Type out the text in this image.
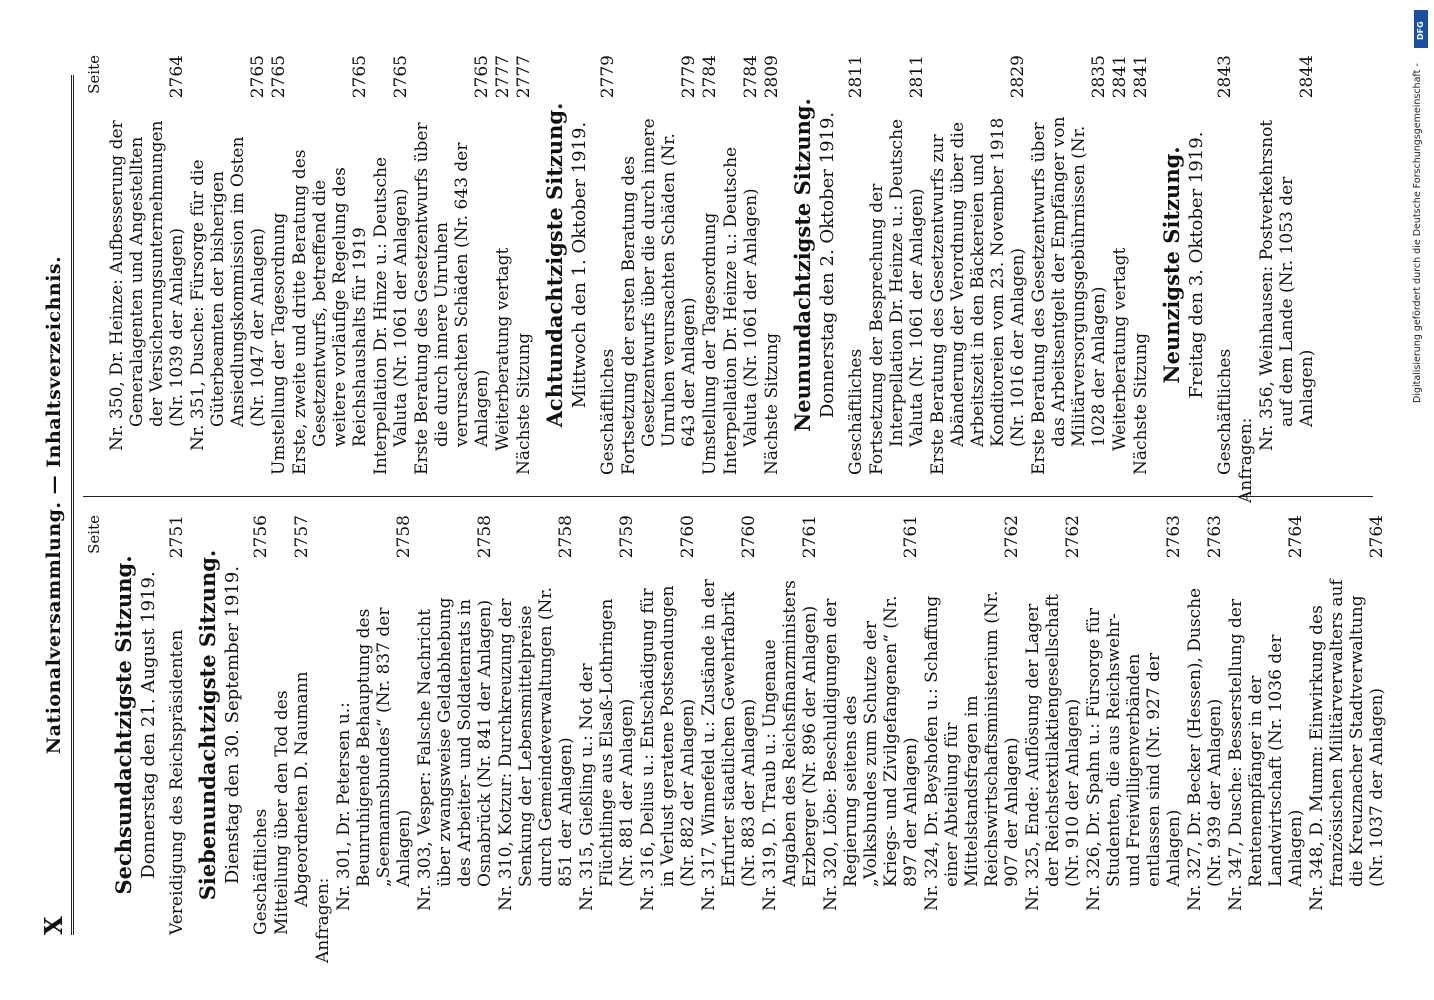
X
Nationalversammlung. — Inhaltsverzeichnis. Seite
Sechsundachtzigste Sitzung. Donnerstag den 21. August 1919. Vereidigung des Reichspräsidenten
2751
Siebenundachtzigste Sitzung. Dienstag den 30. September 1919. Geschäftliches
2756
Mitteilung über den Tod des Abgeordneten D. Naumann
2757
Anfragen:
Nr. 301, Dr. Petersen u.: Beunruhigende Behauptung des „Seemannsbundes“ (Nr. 837 der Anlagen)
2758
Nr. 303, Vesper: Falsche Nachricht über zwangsweise Geldabhebung des Arbeiter- und Soldatenrats in Osnabrück (Nr. 841 der Anlagen)
2758
Nr. 310, Kotzur: Durchkreuzung der Senkung der Lebensmittelpreise durch Gemeindeverwaltungen (Nr. 851 der Anlagen)
2758
Nr. 315, Gießling u.: Not der Flüchtlinge aus Elsaß-Lothringen (Nr. 881 der Anlagen)
2759
Nr. 316, Delius u.: Entschädigung für in Verlust geratene Postsendungen (Nr. 882 der Anlagen)
2760
Nr. 317, Winnefeld u.: Zustände in der Erfurter staatlichen Gewehrfabrik (Nr. 883 der Anlagen)
2760
Nr. 319, D. Traub u.: Ungenaue Angaben des Reichsfinanzministers Erzberger (Nr. 896 der Anlagen)
2761
Nr. 320, Löbe: Beschuldigungen der Regierung seitens des „Volksbundes zum Schutze der Kriegs- und Zivilgefangenen“ (Nr. 897 der Anlagen)
2761
Nr. 324, Dr. Beyshofen u.: Schaffung einer Abteilung für Mittelstandsfragen im Reichswirtschaftsministerium (Nr. 907 der Anlagen)
2762
Nr. 325, Ende: Auflösung der Lager der Reichstextilaktiengesellschaft (Nr. 910 der Anlagen)
2762
Nr. 326, Dr. Spahn u.: Fürsorge für Studenten, die aus Reichswehr- und Freiwilligenverbänden entlassen sind (Nr. 927 der Anlagen)
2763
Nr. 327, Dr. Becker (Hessen), Dusche (Nr. 939 der Anlagen)
2763
Nr. 347, Dusche: Besserstellung der Rentenempfänger in der Landwirtschaft (Nr. 1036 der Anlagen)
2764
Nr. 348, D. Mumm: Einwirkung des französischen Militärverwalters auf die Kreuznacher Stadtverwaltung (Nr. 1037 der Anlagen)
2764
Seite
Nr. 350, Dr. Heinze: Aufbesserung der Generalagenten und Angestellten der Versicherungsunternehmungen (Nr. 1039 der Anlagen)
2764
Nr. 351, Dusche: Fürsorge für die Güterbeamten der bisherigen Ansiedlungskommission im Osten (Nr. 1047 der Anlagen)
2765
Umstellung der Tagesordnung
2765
Erste, zweite und dritte Beratung des Gesetzentwurfs, betreffend die weitere vorläufige Regelung des Reichshaushalts für 1919
2765
Interpellation Dr. Hinze u.: Deutsche Valuta (Nr. 1061 der Anlagen)
2765
Erste Beratung des Gesetzentwurfs über die durch innere Unruhen verursachten Schäden (Nr. 643 der Anlagen)
2765
Weiterberatung vertagt
2777
Nächste Sitzung
2777
Achtundachtzigste Sitzung. Mittwoch den 1. Oktober 1919.
Geschäftliches
2779
Fortsetzung der ersten Beratung des Gesetzentwurfs über die durch innere Unruhen verursachten Schäden (Nr. 643 der Anlagen)
2779
Umstellung der Tagesordnung
2784
Interpellation Dr. Heinze u.: Deutsche Valuta (Nr. 1061 der Anlagen)
2784
Nächste Sitzung
2809
Neunundachtzigste Sitzung. Donnerstag den 2. Oktober 1919. Geschäftliches
2811
Fortsetzung der Besprechung der Interpellation Dr. Heinze u.: Deutsche Valuta (Nr. 1061 der Anlagen)
2811
Erste Beratung des Gesetzentwurfs zur Abänderung der Verordnung über die Arbeitszeit in den Bäckereien und Konditoreien vom 23. November 1918 (Nr. 1016 der Anlagen)
2829
Erste Beratung des Gesetzentwurfs über das Arbeitsentgelt der Empfänger von Militärversorgungsgebührnissen (Nr. 1028 der Anlagen)
2835
Weiterberatung vertagt
2841
Nächste Sitzung
2841
Neunzigste Sitzung. Freitag den 3. Oktober 1919.
Geschäftliches
2843
Anfragen:
Nr. 356, Weinhausen: Postverkehrsnot auf dem Lande (Nr. 1053 der Anlagen)
2844
DFG
Digitalisierung gefördert durch die Deutsche Forschungsgemeinschaft -
